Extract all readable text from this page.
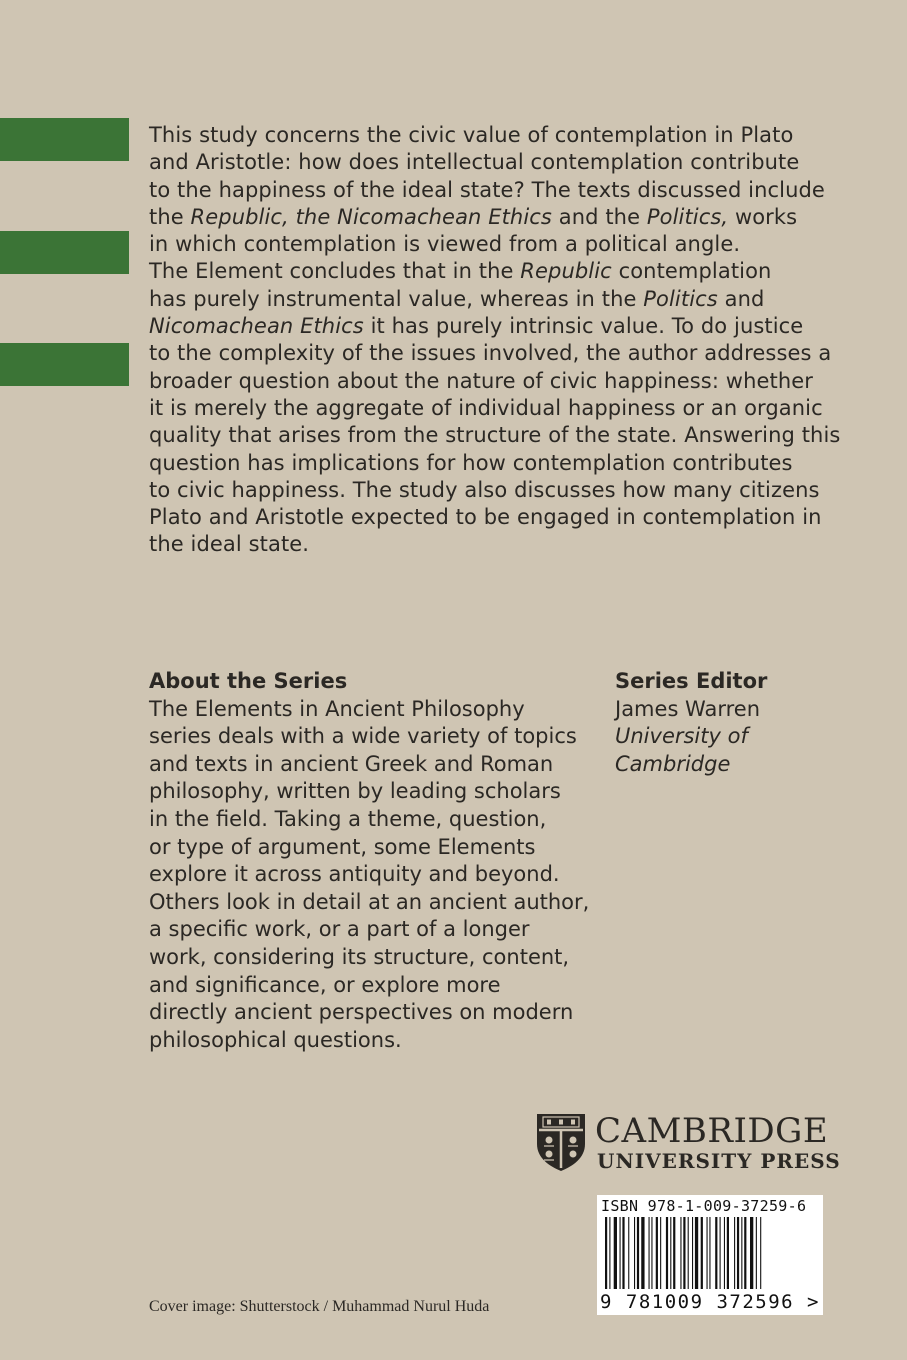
This study concerns the civic value of contemplation in Plato
and Aristotle: how does intellectual contemplation contribute
to the happiness of the ideal state? The texts discussed include
the Republic, the Nicomachean Ethics and the Politics, works
in which contemplation is viewed from a political angle.
The Element concludes that in the Republic contemplation
has purely instrumental value, whereas in the Politics and
Nicomachean Ethics it has purely intrinsic value. To do justice
to the complexity of the issues involved, the author addresses a
broader question about the nature of civic happiness: whether
it is merely the aggregate of individual happiness or an organic
quality that arises from the structure of the state. Answering this
question has implications for how contemplation contributes
to civic happiness. The study also discusses how many citizens
Plato and Aristotle expected to be engaged in contemplation in
the ideal state.

About the Series
The Elements in Ancient Philosophy
series deals with a wide variety of topics
and texts in ancient Greek and Roman
philosophy, written by leading scholars
in the field. Taking a theme, question,
or type of argument, some Elements
explore it across antiquity and beyond.
Others look in detail at an ancient author,
a specific work, or a part of a longer
work, considering its structure, content,
and significance, or explore more
directly ancient perspectives on modern
philosophical questions.
Series Editor
James Warren
University of
Cambridge
CAMBRIDGE
UNIVERSITY PRESS
ISBN 978-1-009-37259-6
9 781009 372596 >
Cover image: Shutterstock / Muhammad Nurul Huda
